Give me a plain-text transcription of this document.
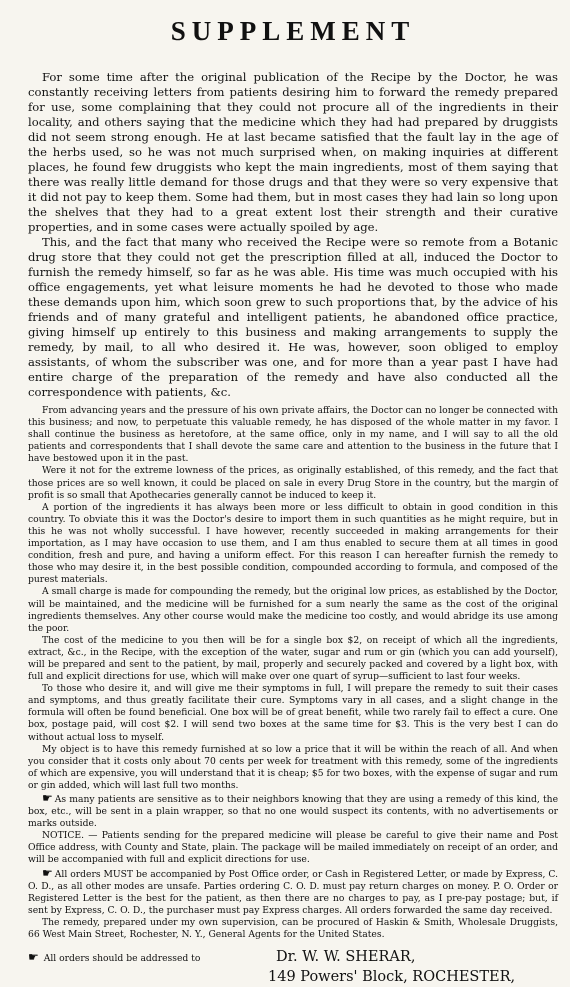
SUPPLEMENT

For some time after the original publication of the Recipe by the Doctor, he was constantly receiving letters from patients desiring him to forward the remedy prepared for use, some complaining that they could not procure all of the ingredients in their locality, and others saying that the medicine which they had had prepared by druggists did not seem strong enough. He at last became satisfied that the fault lay in the age of the herbs used, so he was not much surprised when, on making inquiries at different places, he found few druggists who kept the main ingredients, most of them saying that there was really little demand for those drugs and that they were so very expensive that it did not pay to keep them. Some had them, but in most cases they had lain so long upon the shelves that they had to a great extent lost their strength and their curative properties, and in some cases were actually spoiled by age.

This, and the fact that many who received the Recipe were so remote from a Botanic drug store that they could not get the prescription filled at all, induced the Doctor to furnish the remedy himself, so far as he was able. His time was much occupied with his office engagements, yet what leisure moments he had he devoted to those who made these demands upon him, which soon grew to such proportions that, by the advice of his friends and of many grateful and intelligent patients, he abandoned office practice, giving himself up entirely to this business and making arrangements to supply the remedy, by mail, to all who desired it. He was, however, soon obliged to employ assistants, of whom the subscriber was one, and for more than a year past I have had entire charge of the preparation of the remedy and have also conducted all the correspondence with patients, &c.

From advancing years and the pressure of his own private affairs, the Doctor can no longer be connected with this business; and now, to perpetuate this valuable remedy, he has disposed of the whole matter in my favor. I shall continue the business as heretofore, at the same office, only in my name, and I will say to all the old patients and correspondents that I shall devote the same care and attention to the business in the future that I have bestowed upon it in the past.

Were it not for the extreme lowness of the prices, as originally established, of this remedy, and the fact that those prices are so well known, it could be placed on sale in every Drug Store in the country, but the margin of profit is so small that Apothecaries generally cannot be induced to keep it.

A portion of the ingredients it has always been more or less difficult to obtain in good condition in this country. To obviate this it was the Doctor's desire to import them in such quantities as he might require, but in this he was not wholly successful. I have however, recently succeeded in making arrangements for their importation, as I may have occasion to use them, and I am thus enabled to secure them at all times in good condition, fresh and pure, and having a uniform effect. For this reason I can hereafter furnish the remedy to those who may desire it, in the best possible condition, compounded according to formula, and composed of the purest materials.

A small charge is made for compounding the remedy, but the original low prices, as established by the Doctor, will be maintained, and the medicine will be furnished for a sum nearly the same as the cost of the original ingredients themselves. Any other course would make the medicine too costly, and would abridge its use among the poor.

The cost of the medicine to you then will be for a single box $2, on receipt of which all the ingredients, extract, &c., in the Recipe, with the exception of the water, sugar and rum or gin (which you can add yourself), will be prepared and sent to the patient, by mail, properly and securely packed and covered by a light box, with full and explicit directions for use, which will make over one quart of syrup—sufficient to last four weeks.

To those who desire it, and will give me their symptoms in full, I will prepare the remedy to suit their cases and symptoms, and thus greatly facilitate their cure. Symptoms vary in all cases, and a slight change in the formula will often be found beneficial. One box will be of great benefit, while two rarely fail to effect a cure. One box, postage paid, will cost $2. I will send two boxes at the same time for $3. This is the very best I can do without actual loss to myself.

My object is to have this remedy furnished at so low a price that it will be within the reach of all. And when you consider that it costs only about 70 cents per week for treatment with this remedy, some of the ingredients of which are expensive, you will understand that it is cheap; $5 for two boxes, with the expense of sugar and rum or gin added, which will last full two months.

☛ As many patients are sensitive as to their neighbors knowing that they are using a remedy of this kind, the box, etc., will be sent in a plain wrapper, so that no one would suspect its contents, with no advertisements or marks outside.

NOTICE. — Patients sending for the prepared medicine will please be careful to give their name and Post Office address, with County and State, plain. The package will be mailed immediately on receipt of an order, and will be accompanied with full and explicit directions for use.

☛ All orders MUST be accompanied by Post Office order, or Cash in Registered Letter, or made by Express, C. O. D., as all other modes are unsafe. Parties ordering C. O. D. must pay return charges on money. P. O. Order or Registered Letter is the best for the patient, as then there are no charges to pay, as I pre-pay postage; but, if sent by Express, C. O. D., the purchaser must pay Express charges. All orders forwarded the same day received.

The remedy, prepared under my own supervision, can be procured of Haskin & Smith, Wholesale Druggists, 66 West Main Street, Rochester, N. Y., General Agents for the United States.

☛ All orders should be addressed to	Dr. W. W. SHERAR,
149 Powers' Block, ROCHESTER,
